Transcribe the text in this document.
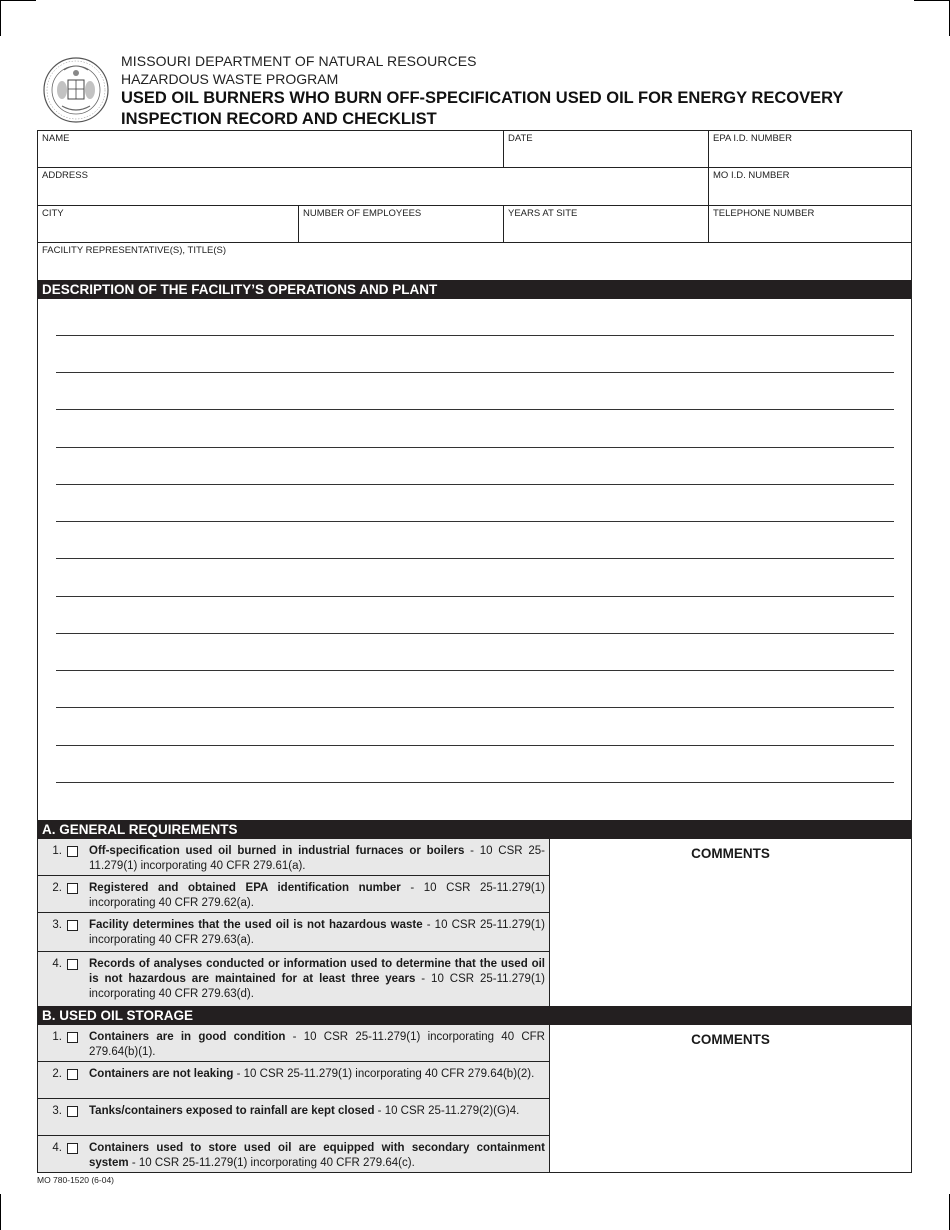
MISSOURI DEPARTMENT OF NATURAL RESOURCES
HAZARDOUS WASTE PROGRAM
USED OIL BURNERS WHO BURN OFF-SPECIFICATION USED OIL FOR ENERGY RECOVERY
INSPECTION RECORD AND CHECKLIST
NAME	DATE	EPA I.D. NUMBER
ADDRESS	MO I.D. NUMBER
CITY	NUMBER OF EMPLOYEES	YEARS AT SITE	TELEPHONE NUMBER
FACILITY REPRESENTATIVE(S), TITLE(S)
DESCRIPTION OF THE FACILITY’S OPERATIONS AND PLANT
A. GENERAL REQUIREMENTS
1. Off-specification used oil burned in industrial furnaces or boilers - 10 CSR 25-11.279(1) incorporating 40 CFR 279.61(a).
2. Registered and obtained EPA identification number - 10 CSR 25-11.279(1) incorporating 40 CFR 279.62(a).
3. Facility determines that the used oil is not hazardous waste - 10 CSR 25-11.279(1) incorporating 40 CFR 279.63(a).
4. Records of analyses conducted or information used to determine that the used oil is not hazardous are maintained for at least three years - 10 CSR 25-11.279(1) incorporating 40 CFR 279.63(d).
COMMENTS
B. USED OIL STORAGE
1. Containers are in good condition - 10 CSR 25-11.279(1) incorporating 40 CFR 279.64(b)(1).
2. Containers are not leaking - 10 CSR 25-11.279(1) incorporating 40 CFR 279.64(b)(2).
3. Tanks/containers exposed to rainfall are kept closed - 10 CSR 25-11.279(2)(G)4.
4. Containers used to store used oil are equipped with secondary containment system - 10 CSR 25-11.279(1) incorporating 40 CFR 279.64(c).
COMMENTS
MO 780-1520 (6-04)
